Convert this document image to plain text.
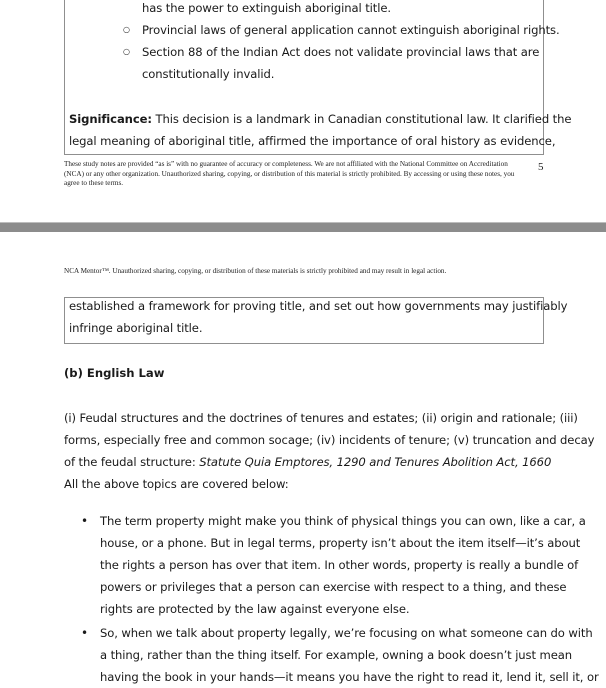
has the power to extinguish aboriginal title.
○ Provincial laws of general application cannot extinguish aboriginal rights.
○ Section 88 of the Indian Act does not validate provincial laws that are
constitutionally invalid.
Significance: This decision is a landmark in Canadian constitutional law. It clarified the
legal meaning of aboriginal title, affirmed the importance of oral history as evidence,
These study notes are provided “as is” with no guarantee of accuracy or completeness. We are not affiliated with the National Committee on Accreditation (NCA) or any other organization. Unauthorized sharing, copying, or distribution of this material is strictly prohibited. By accessing or using these notes, you agree to these terms.
5
NCA Mentor™. Unauthorized sharing, copying, or distribution of these materials is strictly prohibited and may result in legal action.
established a framework for proving title, and set out how governments may justifiably
infringe aboriginal title.
(b) English Law
(i) Feudal structures and the doctrines of tenures and estates; (ii) origin and rationale; (iii)
forms, especially free and common socage; (iv) incidents of tenure; (v) truncation and decay
of the feudal structure: Statute Quia Emptores, 1290 and Tenures Abolition Act, 1660
All the above topics are covered below:
• The term property might make you think of physical things you can own, like a car, a
house, or a phone. But in legal terms, property isn’t about the item itself—it’s about
the rights a person has over that item. In other words, property is really a bundle of
powers or privileges that a person can exercise with respect to a thing, and these
rights are protected by the law against everyone else.
• So, when we talk about property legally, we’re focusing on what someone can do with
a thing, rather than the thing itself. For example, owning a book doesn’t just mean
having the book in your hands—it means you have the right to read it, lend it, sell it, or
